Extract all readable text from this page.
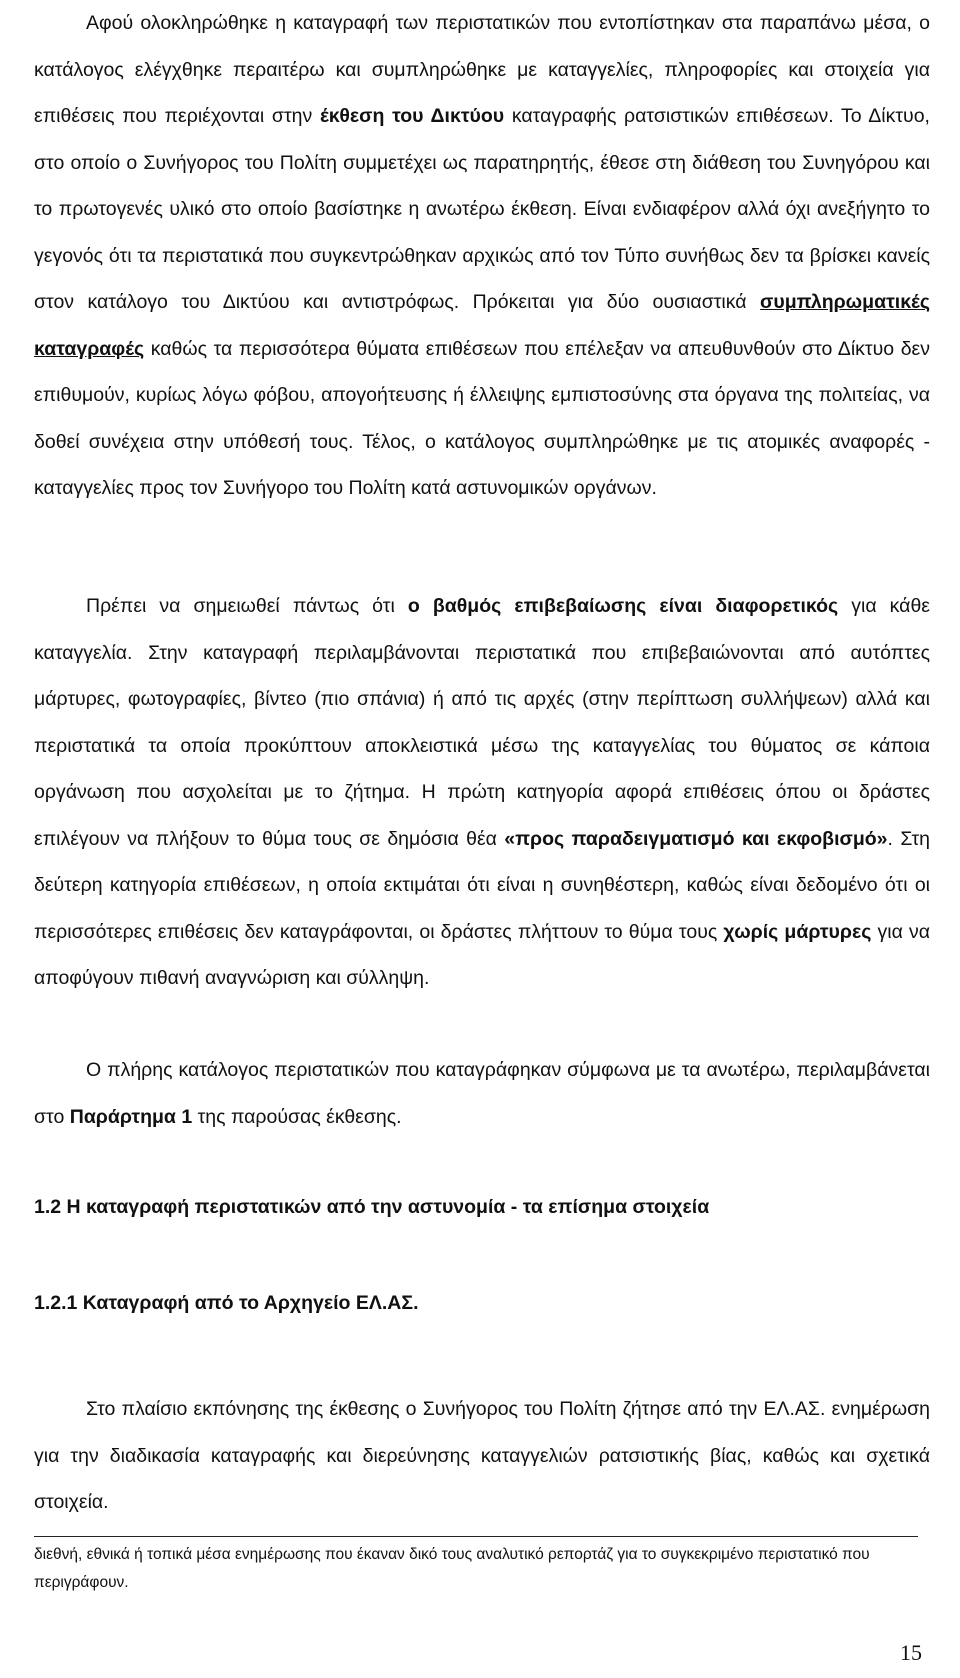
Αφού ολοκληρώθηκε η καταγραφή των περιστατικών που εντοπίστηκαν στα παραπάνω μέσα, ο κατάλογος ελέγχθηκε περαιτέρω και συμπληρώθηκε με καταγγελίες, πληροφορίες και στοιχεία για επιθέσεις που περιέχονται στην έκθεση του Δικτύου καταγραφής ρατσιστικών επιθέσεων. Το Δίκτυο, στο οποίο ο Συνήγορος του Πολίτη συμμετέχει ως παρατηρητής, έθεσε στη διάθεση του Συνηγόρου και το πρωτογενές υλικό στο οποίο βασίστηκε η ανωτέρω έκθεση. Είναι ενδιαφέρον αλλά όχι ανεξήγητο το γεγονός ότι τα περιστατικά που συγκεντρώθηκαν αρχικώς από τον Τύπο συνήθως δεν τα βρίσκει κανείς στον κατάλογο του Δικτύου και αντιστρόφως. Πρόκειται για δύο ουσιαστικά συμπληρωματικές καταγραφές καθώς τα περισσότερα θύματα επιθέσεων που επέλεξαν να απευθυνθούν στο Δίκτυο δεν επιθυμούν, κυρίως λόγω φόβου, απογοήτευσης ή έλλειψης εμπιστοσύνης στα όργανα της πολιτείας, να δοθεί συνέχεια στην υπόθεσή τους. Τέλος, ο κατάλογος συμπληρώθηκε με τις ατομικές αναφορές - καταγγελίες προς τον Συνήγορο του Πολίτη κατά αστυνομικών οργάνων.

Πρέπει να σημειωθεί πάντως ότι ο βαθμός επιβεβαίωσης είναι διαφορετικός για κάθε καταγγελία. Στην καταγραφή περιλαμβάνονται περιστατικά που επιβεβαιώνονται από αυτόπτες μάρτυρες, φωτογραφίες, βίντεο (πιο σπάνια) ή από τις αρχές (στην περίπτωση συλλήψεων) αλλά και περιστατικά τα οποία προκύπτουν αποκλειστικά μέσω της καταγγελίας του θύματος σε κάποια οργάνωση που ασχολείται με το ζήτημα. Η πρώτη κατηγορία αφορά επιθέσεις όπου οι δράστες επιλέγουν να πλήξουν το θύμα τους σε δημόσια θέα «προς παραδειγματισμό και εκφοβισμό». Στη δεύτερη κατηγορία επιθέσεων, η οποία εκτιμάται ότι είναι η συνηθέστερη, καθώς είναι δεδομένο ότι οι περισσότερες επιθέσεις δεν καταγράφονται, οι δράστες πλήττουν το θύμα τους χωρίς μάρτυρες για να αποφύγουν πιθανή αναγνώριση και σύλληψη.

Ο πλήρης κατάλογος περιστατικών που καταγράφηκαν σύμφωνα με τα ανωτέρω, περιλαμβάνεται στο Παράρτημα 1 της παρούσας έκθεσης.

1.2 Η καταγραφή περιστατικών από την αστυνομία - τα επίσημα στοιχεία
1.2.1 Καταγραφή από το Αρχηγείο ΕΛ.ΑΣ.

Στο πλαίσιο εκπόνησης της έκθεσης ο Συνήγορος του Πολίτη ζήτησε από την ΕΛ.ΑΣ. ενημέρωση για την διαδικασία καταγραφής και διερεύνησης καταγγελιών ρατσιστικής βίας, καθώς και σχετικά στοιχεία.

διεθνή, εθνικά ή τοπικά μέσα ενημέρωσης που έκαναν δικό τους αναλυτικό ρεπορτάζ για το συγκεκριμένο περιστατικό που περιγράφουν.

15
